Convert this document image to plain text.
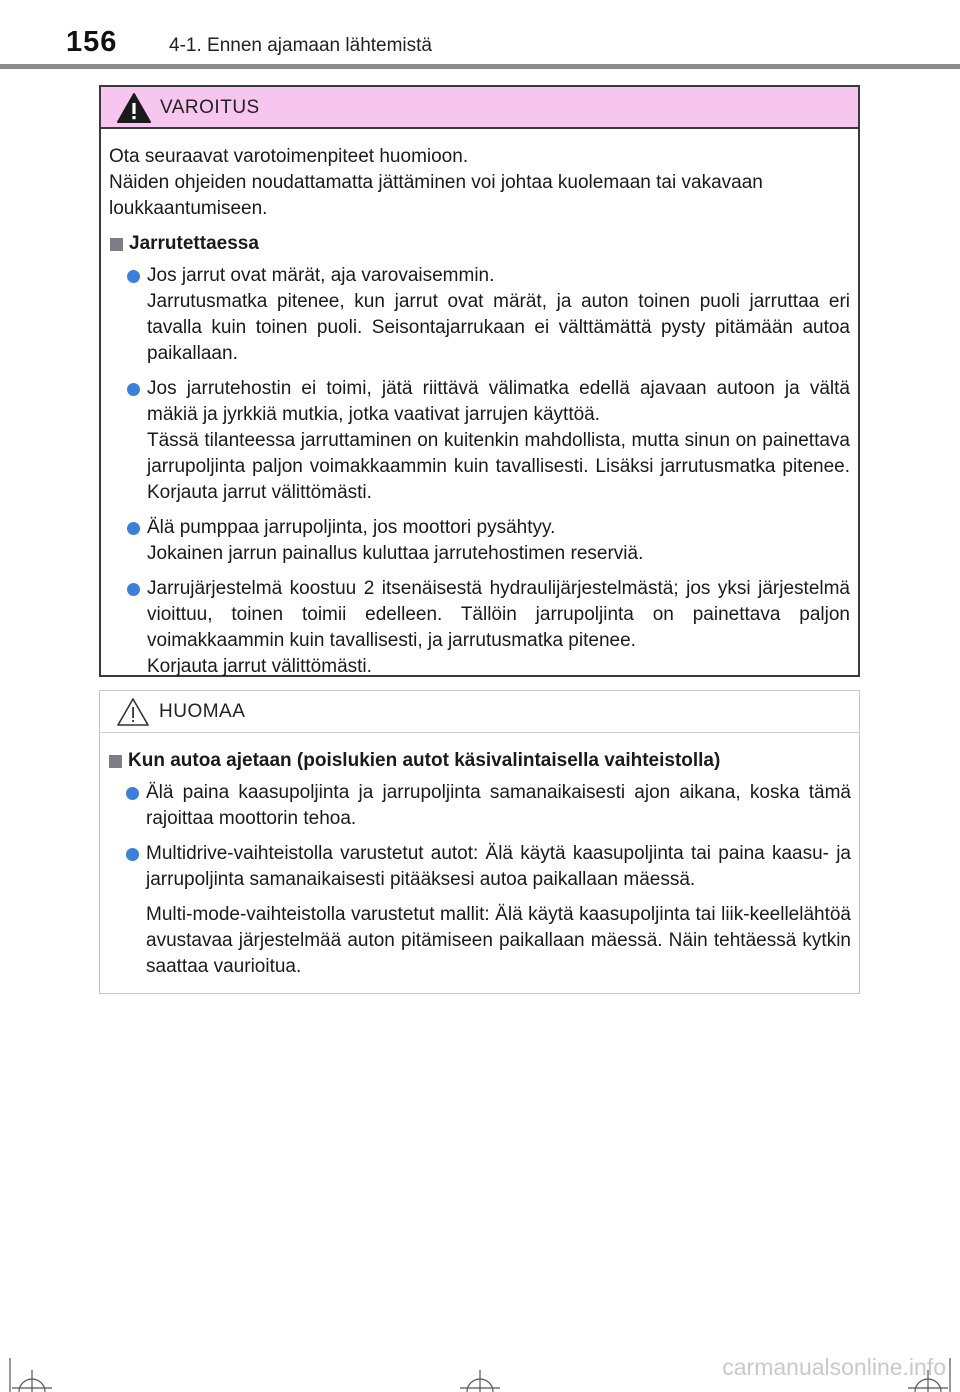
156	4-1. Ennen ajamaan lähtemistä
VAROITUS

Ota seuraavat varotoimenpiteet huomioon.
Näiden ohjeiden noudattamatta jättäminen voi johtaa kuolemaan tai vakavaan loukkaantumiseen.

Jarrutettaessa

Jos jarrut ovat märät, aja varovaisemmin.

Jarrutusmatka pitenee, kun jarrut ovat märät, ja auton toinen puoli jarruttaa eri tavalla kuin toinen puoli. Seisontajarrukaan ei välttämättä pysty pitämään autoa paikallaan.

Jos jarrutehostin ei toimi, jätä riittävä välimatka edellä ajavaan autoon ja vältä mäkiä ja jyrkkiä mutkia, jotka vaativat jarrujen käyttöä.

Tässä tilanteessa jarruttaminen on kuitenkin mahdollista, mutta sinun on painettava jarrupoljinta paljon voimakkaammin kuin tavallisesti. Lisäksi jarrutusmatka pitenee. Korjauta jarrut välittömästi.

Älä pumppaa jarrupoljinta, jos moottori pysähtyy.

Jokainen jarrun painallus kuluttaa jarrutehostimen reserviä.

Jarrujärjestelmä koostuu 2 itsenäisestä hydraulijärjestelmästä; jos yksi järjestelmä vioittuu, toinen toimii edelleen. Tällöin jarrupoljinta on painettava paljon voimakkaammin kuin tavallisesti, ja jarrutusmatka pitenee.

Korjauta jarrut välittömästi.

HUOMAA
Kun autoa ajetaan (poislukien autot käsivalintaisella vaihteistolla)

Älä paina kaasupoljinta ja jarrupoljinta samanaikaisesti ajon aikana, koska tämä rajoittaa moottorin tehoa.

Multidrive-vaihteistolla varustetut autot: Älä käytä kaasupoljinta tai paina kaasu- ja jarrupoljinta samanaikaisesti pitääksesi autoa paikallaan mäessä.

Multi-mode-vaihteistolla varustetut mallit: Älä käytä kaasupoljinta tai liik-keellelähtöä avustavaa järjestelmää auton pitämiseen paikallaan mäessä. Näin tehtäessä kytkin saattaa vaurioitua.

carmanualsonline.info
